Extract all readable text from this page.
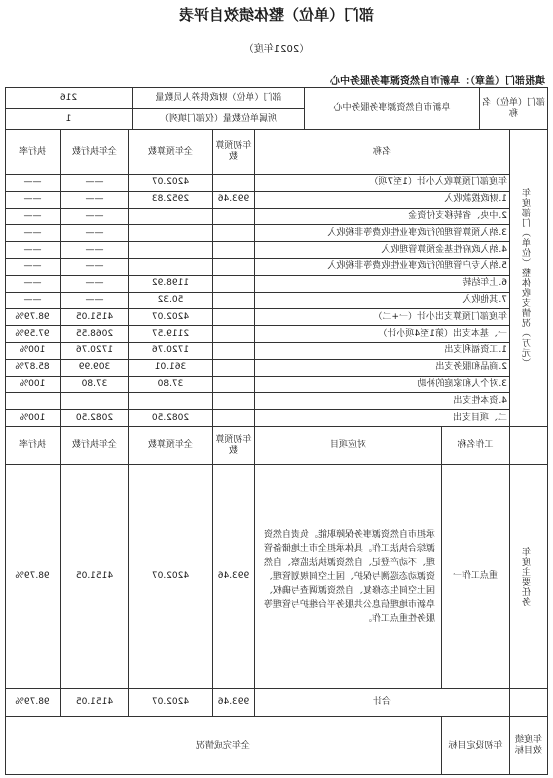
部门（单位）整体绩效自评表
（2021年度）
填报部门（盖章）：阜新市自然资源事务服务中心
部门（单位）名称
阜新市自然资源事务服务中心
部门（单位）财政供养人员数量
216
所属单位数量（仅部门填列）
1
年度部门（单位）整体收支情况（万元）
名称
年初预算数
全年预算数
全年执行数
执行率
年度部门预算收入小计（1至7项）
4202.07
——
——
1.财政拨款收入
993.46
2952.83
——
——
2.中央、省转移支付资金
——
——
3.纳入预算管理的行政事业性收费等非税收入
——
——
4.纳入政府性基金预算管理收入
——
——
5.纳入专户管理的行政事业性收费等非税收入
——
——
6.上年结转
1198.92
——
——
7.其他收入
50.32
——
——
年度部门预算支出小计（一+二）
4202.07
4151.05
98.79%
一、基本支出（第1至4项小计）
2119.57
2068.55
97.59%
1.工资福利支出
1720.76
1720.76
100%
2.商品和服务支出
361.01
309.99
85.87%
3.对个人和家庭的补助
37.80
37.80
100%
4.资本性支出
二、项目支出
2082.50
2082.50
100%
工作名称
对应项目
年初预算数
全年预算数
全年执行数
执行率
年度主要任务
重点工作一
承担市自然资源事务保障职能。负责自然资源综合执法工作。具体承担全市土地储备管理、不动产登记、自然资源执法监察、自然资源动态巡测与保护、国土空间规划管理、国土空间生态修复、自然资源调查与确权、阜新市地理信息公共服务平台维护与管理等服务性重点工作。
993.46
4202.07
4151.05
98.79%
合计
993.46
4202.07
4151.05
98.79%
年度绩效目标
年初设定目标
全年完成情况
